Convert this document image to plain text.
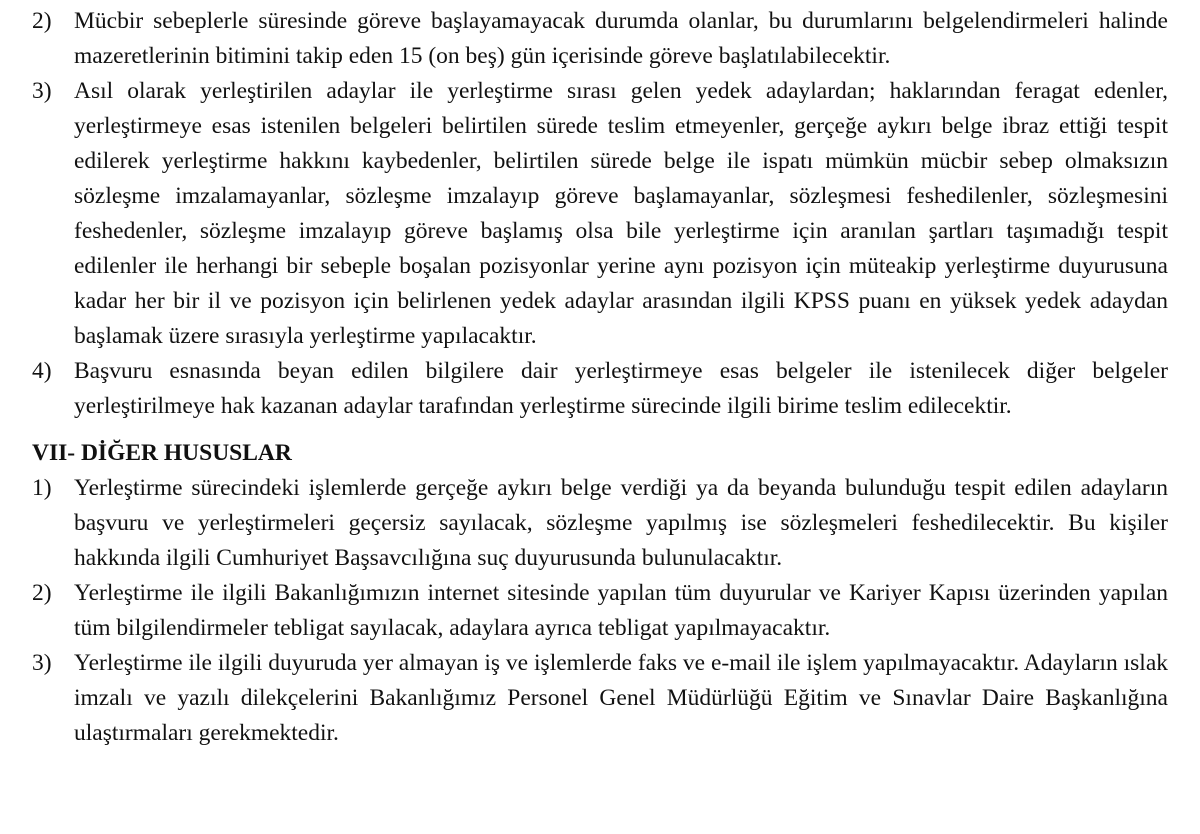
2) Mücbir sebeplerle süresinde göreve başlayamayacak durumda olanlar, bu durumlarını belgelendirmeleri halinde mazeretlerinin bitimini takip eden 15 (on beş) gün içerisinde göreve başlatılabilecektir.
3) Asıl olarak yerleştirilen adaylar ile yerleştirme sırası gelen yedek adaylardan; haklarından feragat edenler, yerleştirmeye esas istenilen belgeleri belirtilen sürede teslim etmeyenler, gerçeğe aykırı belge ibraz ettiği tespit edilerek yerleştirme hakkını kaybedenler, belirtilen sürede belge ile ispatı mümkün mücbir sebep olmaksızın sözleşme imzalamayanlar, sözleşme imzalayıp göreve başlamayanlar, sözleşmesi feshedilenler, sözleşmesini feshedenler, sözleşme imzalayıp göreve başlamış olsa bile yerleştirme için aranılan şartları taşımadığı tespit edilenler ile herhangi bir sebeple boşalan pozisyonlar yerine aynı pozisyon için müteakip yerleştirme duyurusuna kadar her bir il ve pozisyon için belirlenen yedek adaylar arasından ilgili KPSS puanı en yüksek yedek adaydan başlamak üzere sırasıyla yerleştirme yapılacaktır.
4) Başvuru esnasında beyan edilen bilgilere dair yerleştirmeye esas belgeler ile istenilecek diğer belgeler yerleştirilmeye hak kazanan adaylar tarafından yerleştirme sürecinde ilgili birime teslim edilecektir.
VII- DİĞER HUSUSLAR
1) Yerleştirme sürecindeki işlemlerde gerçeğe aykırı belge verdiği ya da beyanda bulunduğu tespit edilen adayların başvuru ve yerleştirmeleri geçersiz sayılacak, sözleşme yapılmış ise sözleşmeleri feshedilecektir. Bu kişiler hakkında ilgili Cumhuriyet Başsavcılığına suç duyurusunda bulunulacaktır.
2) Yerleştirme ile ilgili Bakanlığımızın internet sitesinde yapılan tüm duyurular ve Kariyer Kapısı üzerinden yapılan tüm bilgilendirmeler tebligat sayılacak, adaylara ayrıca tebligat yapılmayacaktır.
3) Yerleştirme ile ilgili duyuruda yer almayan iş ve işlemlerde faks ve e-mail ile işlem yapılmayacaktır. Adayların ıslak imzalı ve yazılı dilekçelerini Bakanlığımız Personel Genel Müdürlüğü Eğitim ve Sınavlar Daire Başkanlığına ulaştırmaları gerekmektedir.
